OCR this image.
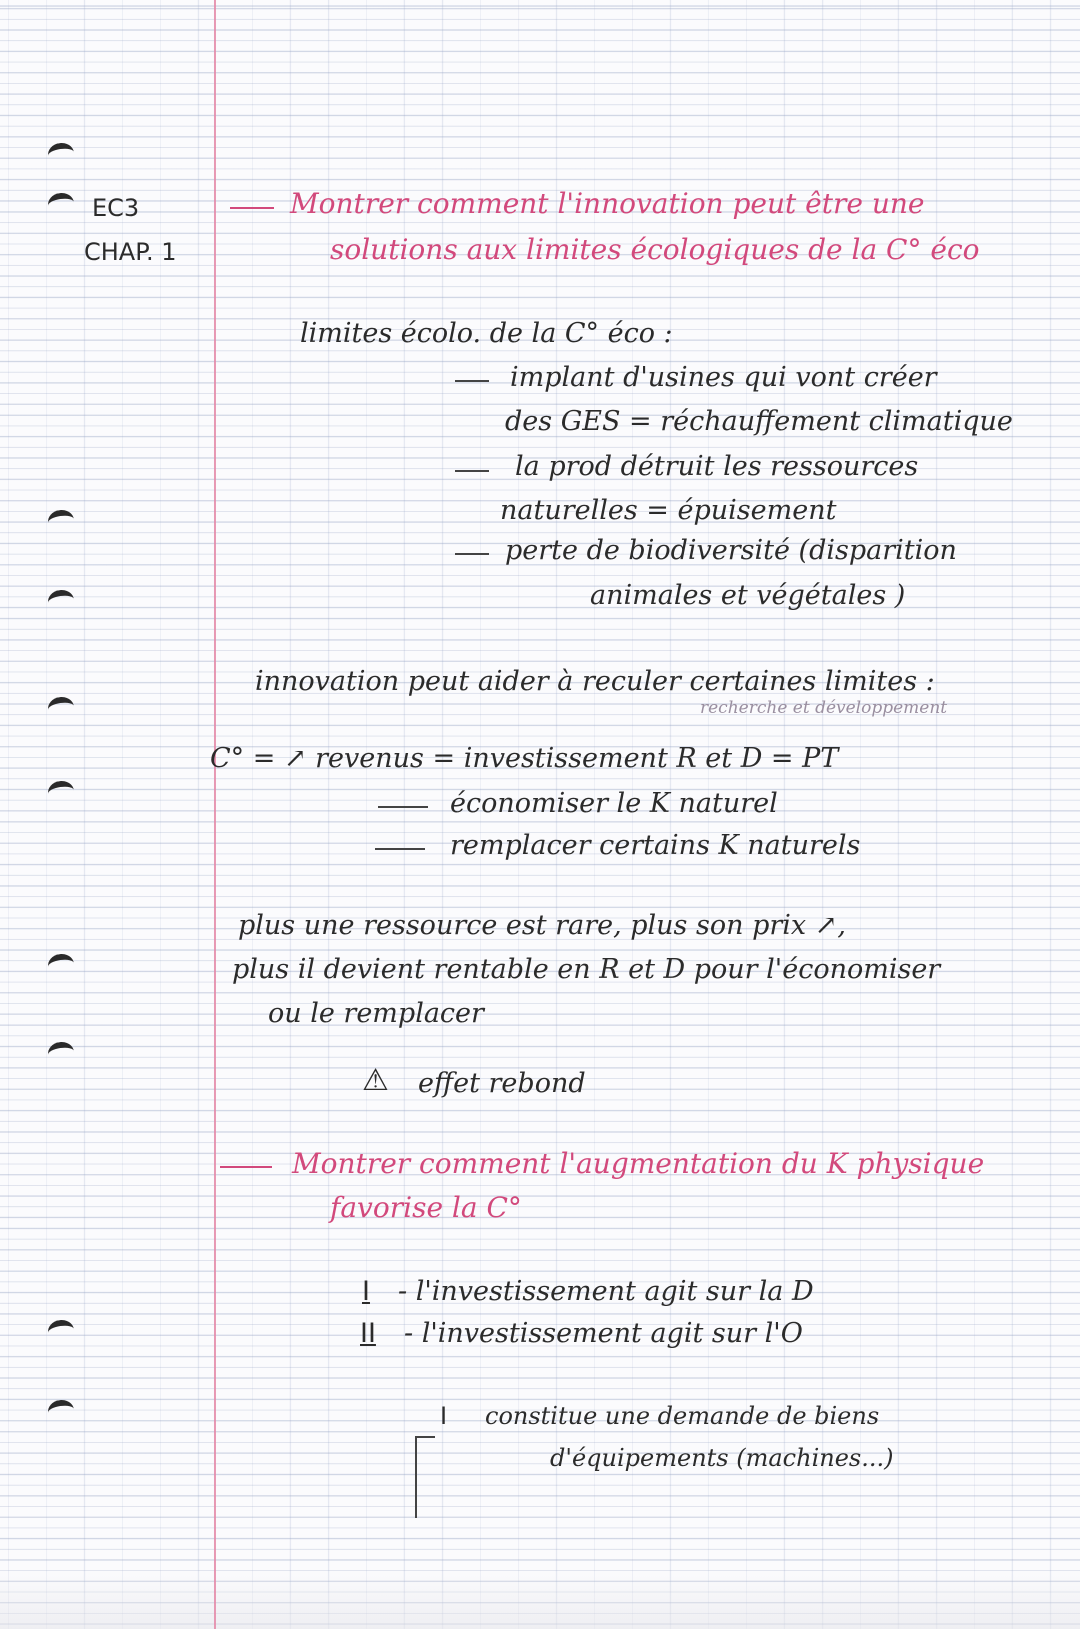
EC3
CHAP. 1
Montrer comment l'innovation peut être une
solutions aux limites écologiques de la C° éco
limites écolo. de la C° éco :
implant d'usines qui vont créer
des GES = réchauffement climatique
la prod détruit les ressources
naturelles = épuisement
perte de biodiversité (disparition
animales et végétales )
innovation peut aider à reculer certaines limites :
recherche et développement
C° = ↗ revenus = investissement R et D = PT
économiser le K naturel
remplacer certains K naturels
plus une ressource est rare, plus son prix ↗,
plus il devient rentable en R et D pour l'économiser
ou le remplacer
⚠ effet rebond
Montrer comment l'augmentation du K physique
favorise la C°
I - l'investissement agit sur la D
II - l'investissement agit sur l'O
I constitue une demande de biens
d'équipements (machines...)
